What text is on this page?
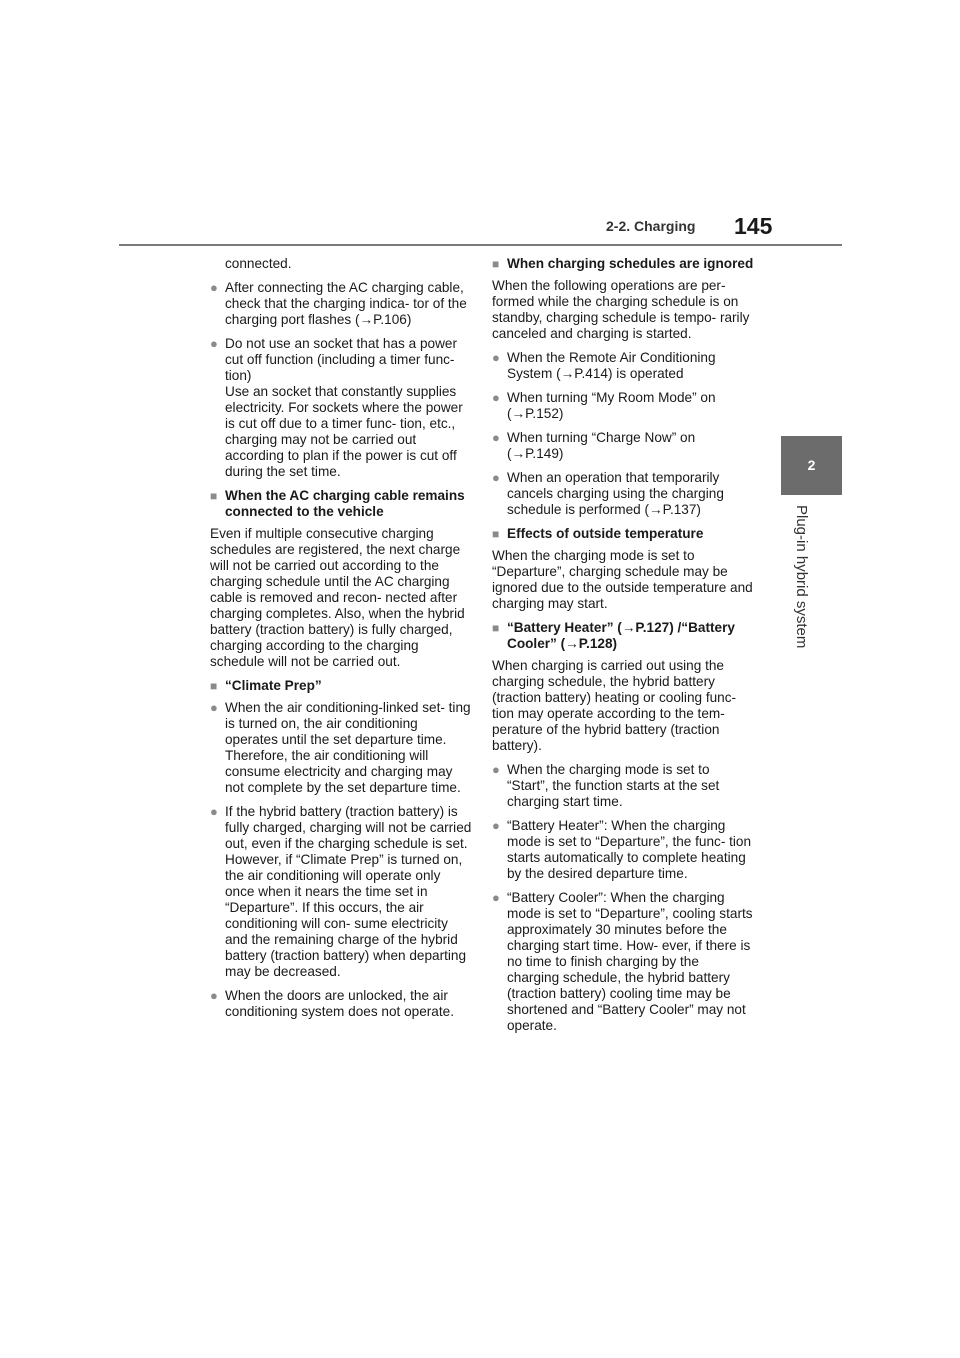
2-2. Charging 145
2
Plug-in hybrid system
connected.
● After connecting the AC charging cable, check that the charging indica- tor of the charging port flashes (→P.106)
● Do not use an socket that has a power cut off function (including a timer func- tion)

Use an socket that constantly supplies electricity. For sockets where the power is cut off due to a timer func- tion, etc., charging may not be carried out according to plan if the power is cut off during the set time.

■ When the AC charging cable remains connected to the vehicle
Even if multiple consecutive charging schedules are registered, the next charge will not be carried out according to the charging schedule until the AC charging cable is removed and recon- nected after charging completes. Also, when the hybrid battery (traction battery) is fully charged, charging according to the charging schedule will not be carried out.
■ “Climate Prep”
● When the air conditioning-linked set- ting is turned on, the air conditioning operates until the set departure time. Therefore, the air conditioning will consume electricity and charging may not complete by the set departure time.
● If the hybrid battery (traction battery) is fully charged, charging will not be carried out, even if the charging schedule is set. However, if “Climate Prep” is turned on, the air conditioning will operate only once when it nears the time set in “Departure”. If this occurs, the air conditioning will con- sume electricity and the remaining charge of the hybrid battery (traction battery) when departing may be decreased.
● When the doors are unlocked, the air conditioning system does not operate.
■ When charging schedules are ignored
When the following operations are per- formed while the charging schedule is on standby, charging schedule is tempo- rarily canceled and charging is started.
● When the Remote Air Conditioning System (→P.414) is operated
● When turning “My Room Mode” on (→P.152)
● When turning “Charge Now” on (→P.149)
● When an operation that temporarily cancels charging using the charging schedule is performed (→P.137)
■ Effects of outside temperature
When the charging mode is set to “Departure”, charging schedule may be ignored due to the outside temperature and charging may start.
■ “Battery Heater” (→P.127) /“Battery Cooler” (→P.128)
When charging is carried out using the charging schedule, the hybrid battery (traction battery) heating or cooling func- tion may operate according to the tem- perature of the hybrid battery (traction battery).
● When the charging mode is set to “Start”, the function starts at the set charging start time.
● “Battery Heater”: When the charging mode is set to “Departure”, the func- tion starts automatically to complete heating by the desired departure time.
● “Battery Cooler”: When the charging mode is set to “Departure”, cooling starts approximately 30 minutes before the charging start time. How- ever, if there is no time to finish charging by the charging schedule, the hybrid battery (traction battery) cooling time may be shortened and “Battery Cooler” may not operate.
